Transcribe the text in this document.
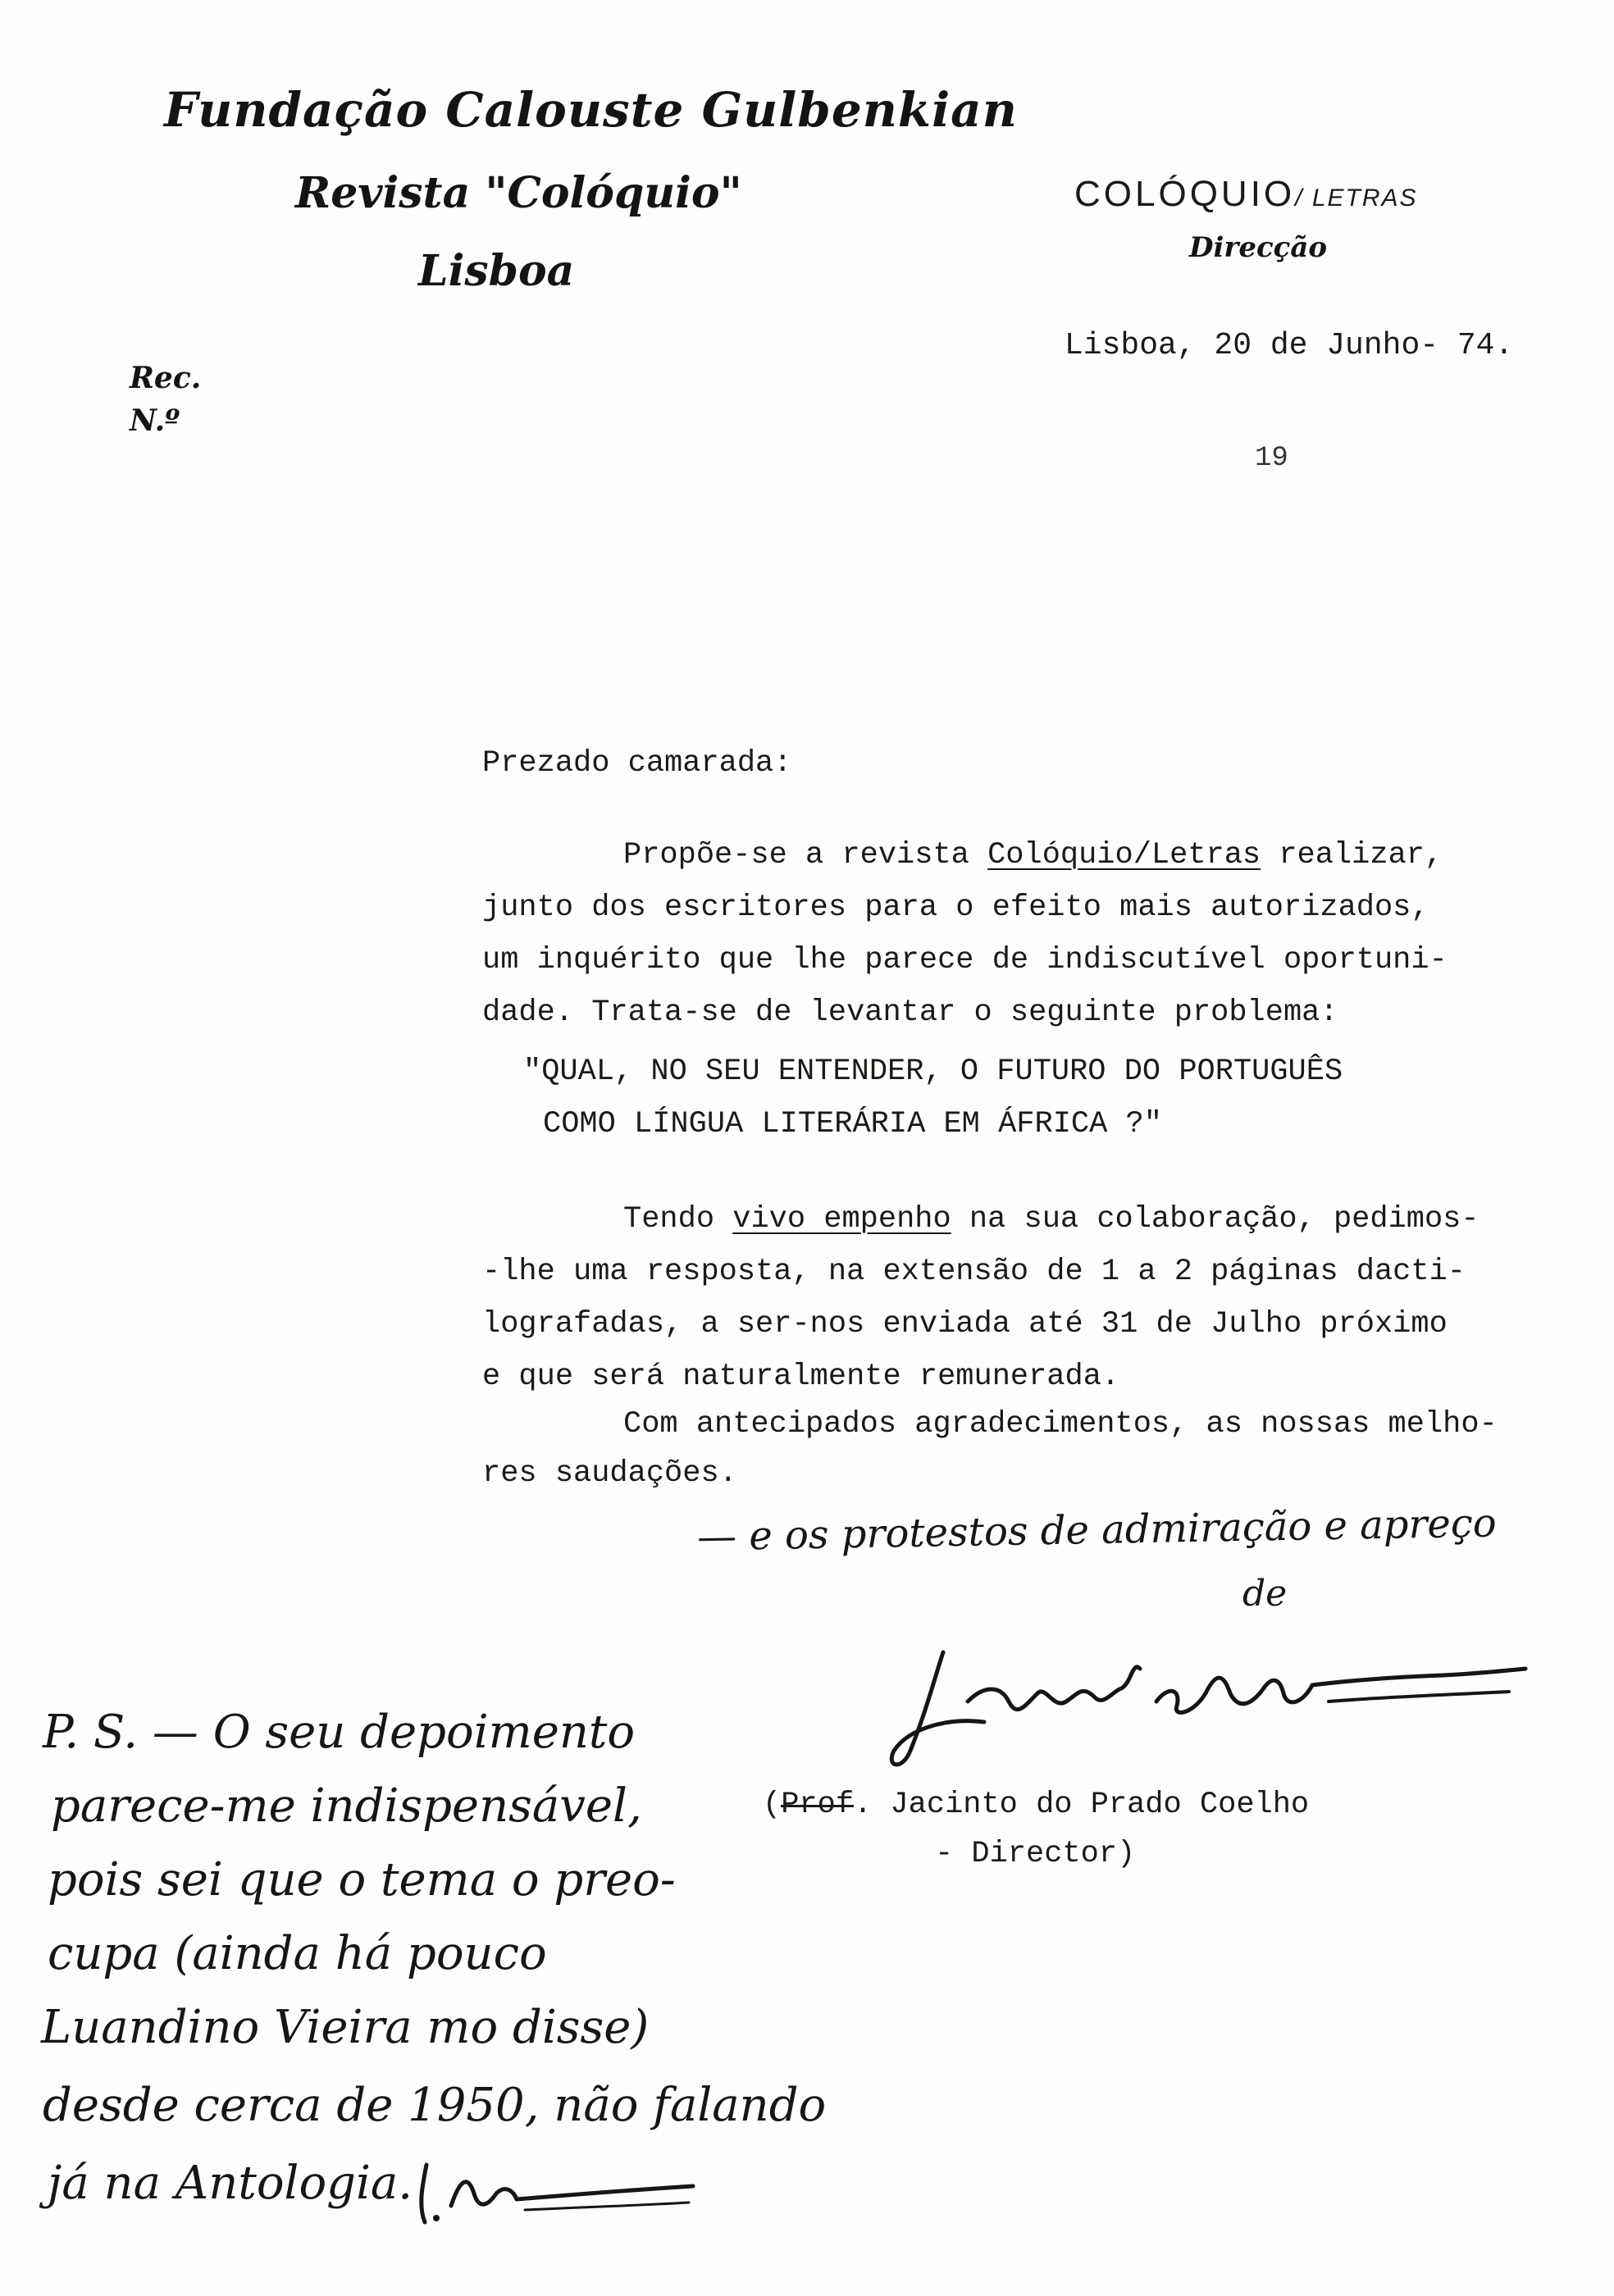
Fundação Calouste Gulbenkian
Revista "Colóquio"
Lisboa
COLÓQUIO/ LETRAS
Direcção
Rec.
N.º
Lisboa, 20 de Junho- 74.
19
Prezado camarada:
Propõe-se a revista Colóquio/Letras realizar,
junto dos escritores para o efeito mais autorizados,
um inquérito que lhe parece de indiscutível oportuni-
dade. Trata-se de levantar o seguinte problema:
"QUAL, NO SEU ENTENDER, O FUTURO DO PORTUGUÊS
COMO LÍNGUA LITERÁRIA EM ÁFRICA ?"
Tendo vivo empenho na sua colaboração, pedimos-
-lhe uma resposta, na extensão de 1 a 2 páginas dacti-
lografadas, a ser-nos enviada até 31 de Julho próximo
e que será naturalmente remunerada.
Com antecipados agradecimentos, as nossas melho-
res saudações.
— e os protestos de admiração e apreço
de
(Prof. Jacinto do Prado Coelho
- Director)
P. S. — O seu depoimento
parece-me indispensável,
pois sei que o tema o preo-
cupa (ainda há pouco
Luandino Vieira mo disse)
desde cerca de 1950, não falando
já na Antologia.
